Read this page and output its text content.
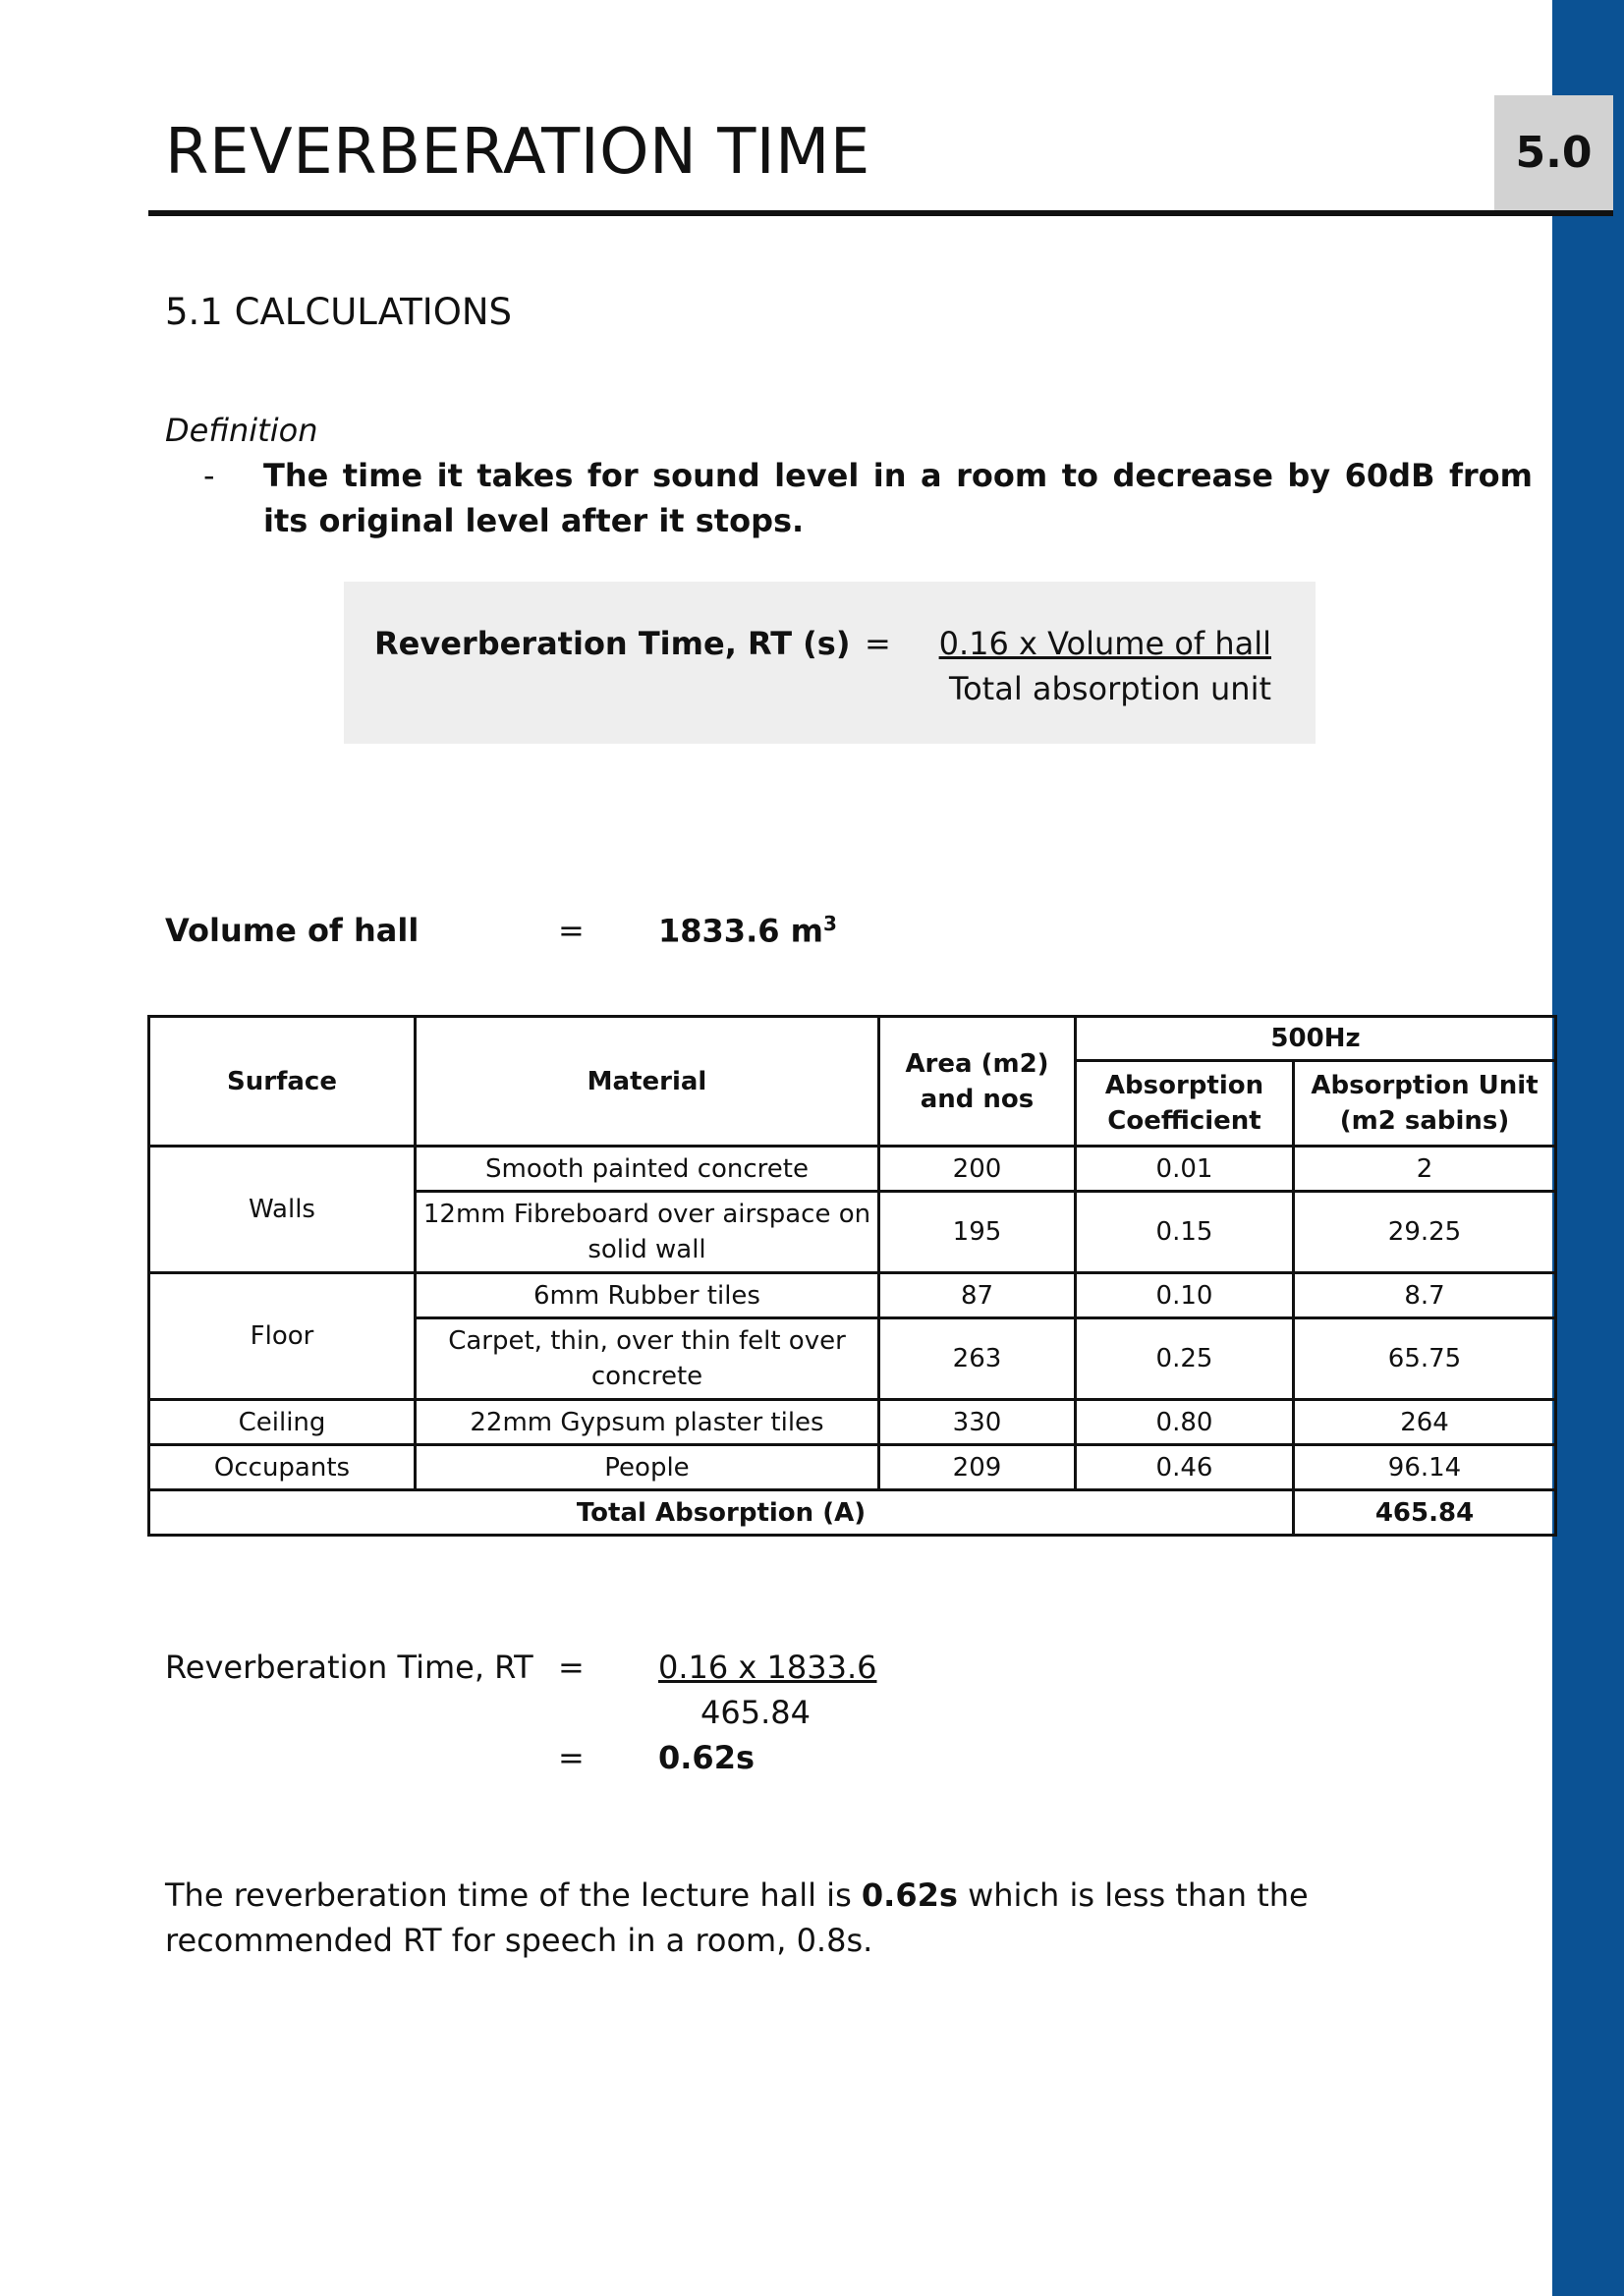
REVERBERATION TIME	5.0
5.1 CALCULATIONS
Definition
- The time it takes for sound level in a room to decrease by 60dB from its original level after it stops.
Reverberation Time, RT (s) = 0.16 x Volume of hall
Total absorption unit
Volume of hall	= 1833.6 $m^3$
Surface	Material	Area (m2) and nos	500Hz	
			Absorption Coefficient	Absorption Unit (m2 sabins)
Walls	Smooth painted concrete	200	0.01	2
	12mm Fibreboard over airspace on solid wall	195	0.15	29.25
Floor	6mm Rubber tiles	87	0.10	8.7
	Carpet, thin, over thin felt over concrete	263	0.25	65.75
Ceiling	22mm Gypsum plaster tiles	330	0.80	264
Occupants	People	209	0.46	96.14
Total Absorption (A)				465.84
Reverberation Time, RT = 0.16 x 1833.6
465.84
= 0.62s
The reverberation time of the lecture hall is 0.62s which is less than the recommended RT for speech in a room, 0.8s.
